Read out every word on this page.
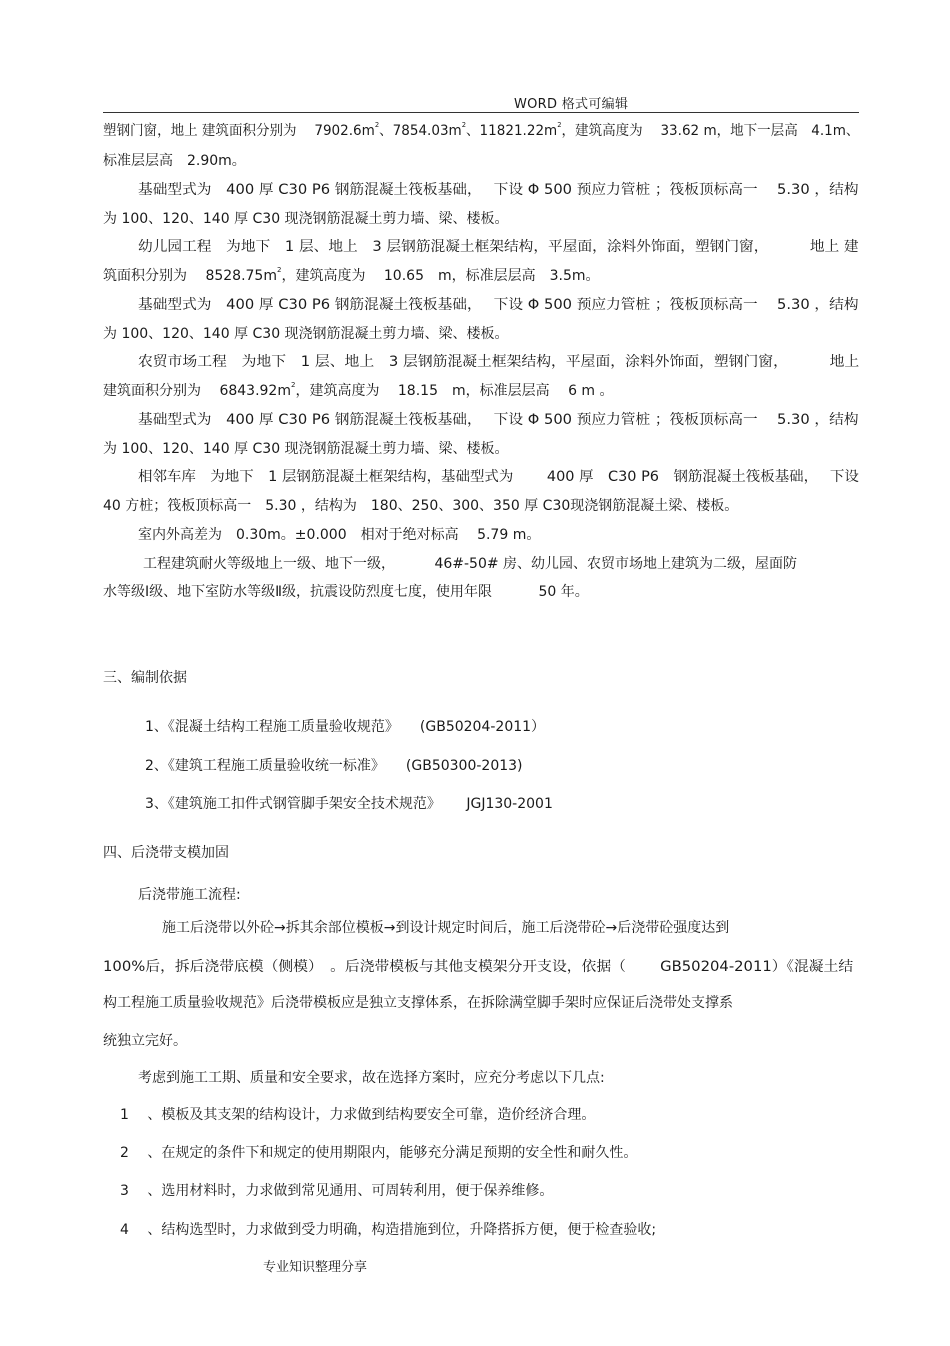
WORD 格式可编辑
塑钢门窗，地上 建筑面积分别为　 $7902.6m^2$、$7854.03m^2$、$11821.22m^2$，建筑高度为　 33.62 m，地下一层高　4.1m、
标准层层高　2.90m。
基础型式为　400 厚 C30 P6 钢筋混凝土筏板基础，　 下设 Φ 500 预应力管桩 ；筏板顶标高一　 5.30 ，结构
为 100、120、140 厚 C30 现浇钢筋混凝土剪力墙、梁、楼板。
幼儿园工程　为地下　1 层、地上　3 层钢筋混凝土框架结构，平屋面，涂料外饰面，塑钢门窗，　　　 地上 建
筑面积分别为　 $8528.75m^2$，建筑高度为　 10.65　m，标准层层高　3.5m。
基础型式为　400 厚 C30 P6 钢筋混凝土筏板基础，　 下设 Φ 500 预应力管桩 ；筏板顶标高一　 5.30 ，结构
为 100、120、140 厚 C30 现浇钢筋混凝土剪力墙、梁、楼板。
农贸市场工程　为地下　1 层、地上　3 层钢筋混凝土框架结构，平屋面，涂料外饰面，塑钢门窗，　　　 地上
建筑面积分别为　 $6843.92m^2$，建筑高度为　 18.15　m，标准层层高　 6 m 。
基础型式为　400 厚 C30 P6 钢筋混凝土筏板基础，　 下设 Φ 500 预应力管桩 ；筏板顶标高一　 5.30 ，结构
为 100、120、140 厚 C30 现浇钢筋混凝土剪力墙、梁、楼板。
相邻车库　为地下　1 层钢筋混凝土框架结构，基础型式为　　 400 厚　C30 P6　钢筋混凝土筏板基础，　 下设
40 方桩；筏板顶标高一　5.30 ，结构为　180、250、300、350 厚 C30现浇钢筋混凝土梁、楼板。
室内外高差为　0.30m。±0.000　相对于绝对标高　 5.79 m。
工程建筑耐火等级地上一级、地下一级，　　　 46#-50# 房、幼儿园、农贸市场地上建筑为二级，屋面防
水等级Ⅰ级、地下室防水等级Ⅱ级，抗震设防烈度七度，使用年限　　　 50 年。
三、编制依据
1、《混凝土结构工程施工质量验收规范》　　(GB50204-2011）
2、《建筑工程施工质量验收统一标准》　　(GB50300-2013)
3、《建筑施工扣件式钢管脚手架安全技术规范》　　 JGJ130-2001
四、后浇带支模加固
后浇带施工流程:
施工后浇带以外砼→拆其余部位模板→到设计规定时间后，施工后浇带砼→后浇带砼强度达到
100%后，拆后浇带底模（侧模）　。后浇带模板与其他支模架分开支设，依据（　　 GB50204-2011）《混凝土结
构工程施工质量验收规范》后浇带模板应是独立支撑体系，在拆除满堂脚手架时应保证后浇带处支撑系
统独立完好。
考虑到施工工期、质量和安全要求，故在选择方案时，应充分考虑以下几点:
1　 、模板及其支架的结构设计，力求做到结构要安全可靠，造价经济合理。
2　 、在规定的条件下和规定的使用期限内，能够充分满足预期的安全性和耐久性。
3　 、选用材料时，力求做到常见通用、可周转利用，便于保养维修。
4　 、结构选型时，力求做到受力明确，构造措施到位，升降搭拆方便，便于检查验收;
专业知识整理分享
